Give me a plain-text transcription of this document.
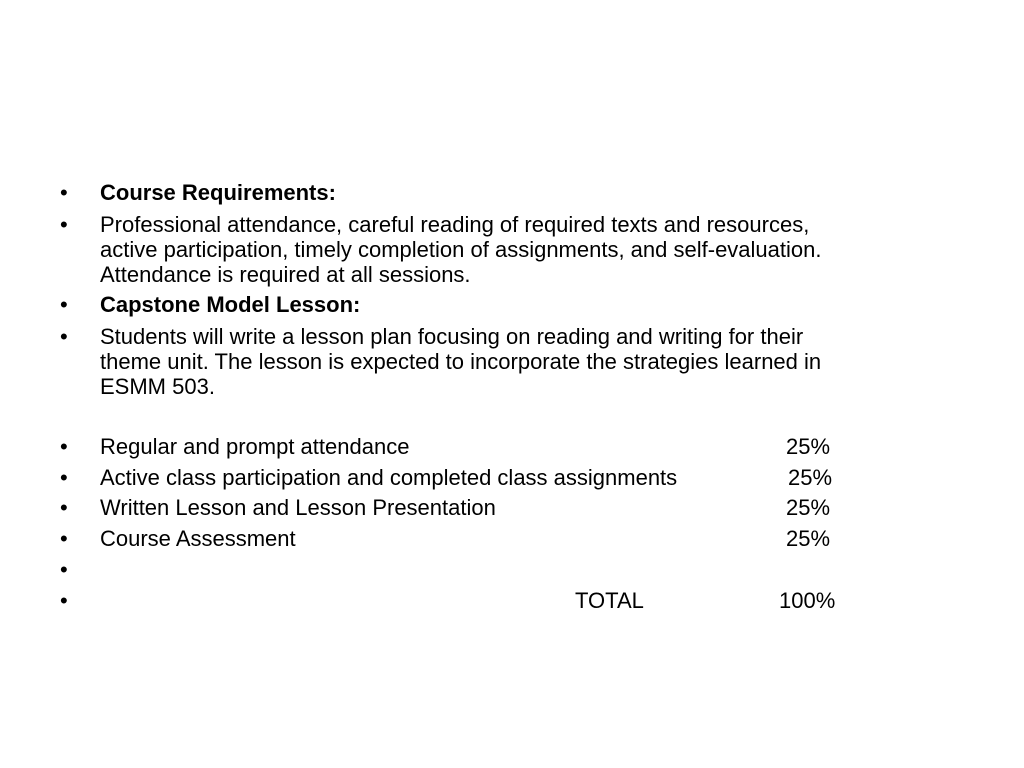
• Course Requirements:
• Professional attendance, careful reading of required texts and resources,
active participation, timely completion of assignments, and self-evaluation.
Attendance is required at all sessions.
• Capstone Model Lesson:
• Students will write a lesson plan focusing on reading and writing for their
theme unit. The lesson is expected to incorporate the strategies learned in
ESMM 503.
• Regular and prompt attendance	25%
• Active class participation and completed class assignments	25%
• Written Lesson and Lesson Presentation	25%
• Course Assessment	25%
•
•	TOTAL	100%
